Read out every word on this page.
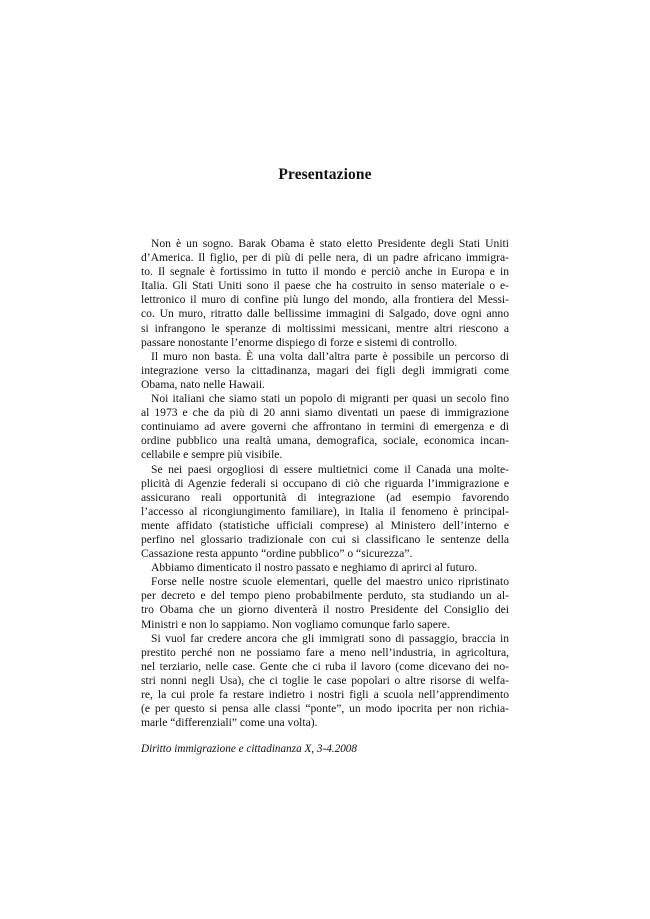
Presentazione
Non è un sogno. Barak Obama è stato eletto Presidente degli Stati Uniti
d’America. Il figlio, per di più di pelle nera, di un padre africano immigra-
to. Il segnale è fortissimo in tutto il mondo e perciò anche in Europa e in
Italia. Gli Stati Uniti sono il paese che ha costruito in senso materiale o e-
lettronico il muro di confine più lungo del mondo, alla frontiera del Messi-
co. Un muro, ritratto dalle bellissime immagini di Salgado, dove ogni anno
si infrangono le speranze di moltissimi messicani, mentre altri riescono a
passare nonostante l’enorme dispiego di forze e sistemi di controllo.
Il muro non basta. È una volta dall’altra parte è possibile un percorso di
integrazione verso la cittadinanza, magari dei figli degli immigrati come
Obama, nato nelle Hawaii.
Noi italiani che siamo stati un popolo di migranti per quasi un secolo fino
al 1973 e che da più di 20 anni siamo diventati un paese di immigrazione
continuiamo ad avere governi che affrontano in termini di emergenza e di
ordine pubblico una realtà umana, demografica, sociale, economica incan-
cellabile e sempre più visibile.
Se nei paesi orgogliosi di essere multietnici come il Canada una molte-
plicità di Agenzie federali si occupano di ciò che riguarda l’immigrazione e
assicurano reali opportunità di integrazione (ad esempio favorendo
l’accesso al ricongiungimento familiare), in Italia il fenomeno è principal-
mente affidato (statistiche ufficiali comprese) al Ministero dell’interno e
perfino nel glossario tradizionale con cui si classificano le sentenze della
Cassazione resta appunto “ordine pubblico” o “sicurezza”.
Abbiamo dimenticato il nostro passato e neghiamo di aprirci al futuro.
Forse nelle nostre scuole elementari, quelle del maestro unico ripristinato
per decreto e del tempo pieno probabilmente perduto, sta studiando un al-
tro Obama che un giorno diventerà il nostro Presidente del Consiglio dei
Ministri e non lo sappiamo. Non vogliamo comunque farlo sapere.
Si vuol far credere ancora che gli immigrati sono di passaggio, braccia in
prestito perché non ne possiamo fare a meno nell’industria, in agricoltura,
nel terziario, nelle case. Gente che ci ruba il lavoro (come dicevano dei no-
stri nonni negli Usa), che ci toglie le case popolari o altre risorse di welfa-
re, la cui prole fa restare indietro i nostri figli a scuola nell’apprendimento
(e per questo si pensa alle classi “ponte”, un modo ipocrita per non richia-
marle “differenziali” come una volta).
Diritto immigrazione e cittadinanza X, 3-4.2008
